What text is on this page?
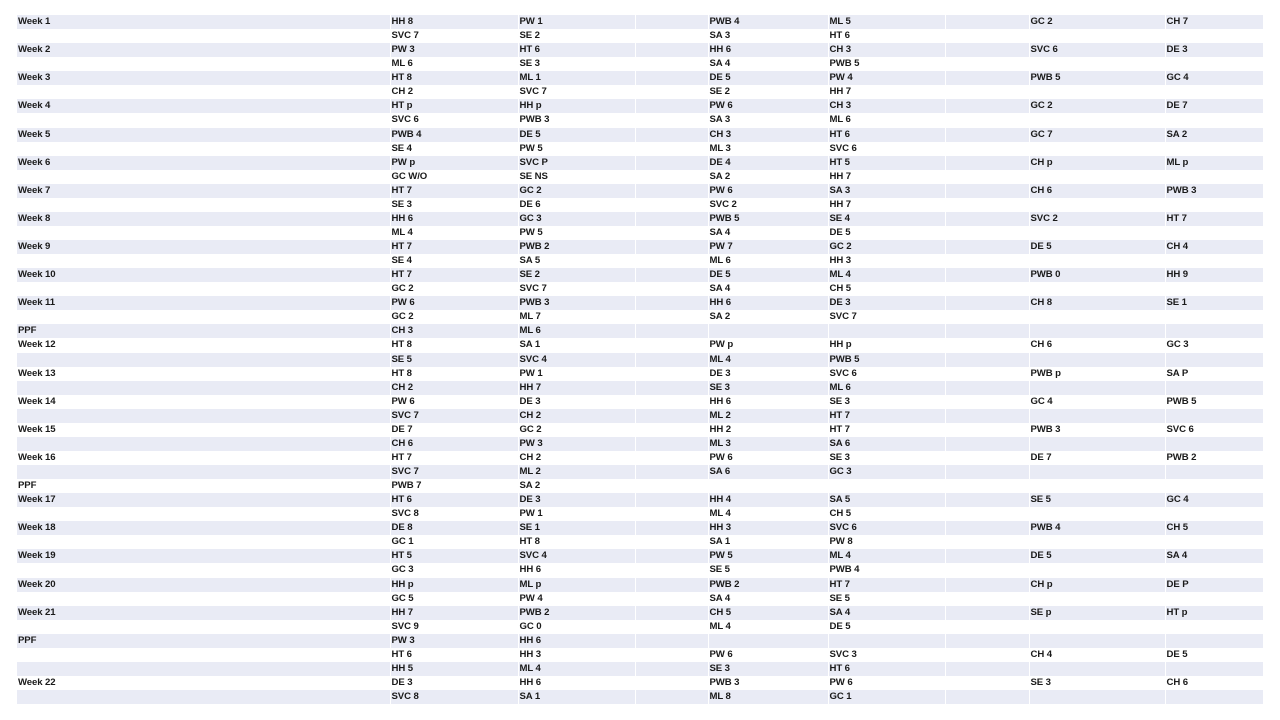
Week 1	HH 8	PW 1		PWB 4	ML 5		GC 2	CH 7
	SVC 7	SE 2		SA 3	HT 6			
Week 2	PW 3	HT 6		HH 6	CH 3		SVC 6	DE 3
	ML 6	SE 3		SA 4	PWB 5			
Week 3	HT 8	ML 1		DE 5	PW 4		PWB 5	GC 4
	CH 2	SVC 7		SE 2	HH 7			
Week 4	HT p	HH p		PW 6	CH 3		GC 2	DE 7
	SVC 6	PWB 3		SA 3	ML 6			
Week 5	PWB 4	DE 5		CH 3	HT 6		GC 7	SA 2
	SE 4	PW 5		ML 3	SVC 6			
Week 6	PW p	SVC P		DE 4	HT 5		CH p	ML p
	GC W/O	SE NS		SA 2	HH 7			
Week 7	HT 7	GC 2		PW 6	SA 3		CH 6	PWB 3
	SE 3	DE 6		SVC 2	HH 7			
Week 8	HH 6	GC 3		PWB 5	SE 4		SVC 2	HT 7
	ML 4	PW 5		SA 4	DE 5			
Week 9	HT 7	PWB 2		PW 7	GC 2		DE 5	CH 4
	SE 4	SA 5		ML 6	HH 3			
Week 10	HT 7	SE 2		DE 5	ML 4		PWB 0	HH 9
	GC 2	SVC 7		SA 4	CH 5			
Week 11	PW 6	PWB 3		HH 6	DE 3		CH 8	SE 1
	GC 2	ML 7		SA 2	SVC 7			
PPF	CH 3	ML 6						
Week 12	HT 8	SA 1		PW p	HH p		CH 6	GC 3
	SE 5	SVC 4		ML 4	PWB 5			
Week 13	HT 8	PW 1		DE 3	SVC 6		PWB p	SA P
	CH 2	HH 7		SE 3	ML 6			
Week 14	PW 6	DE 3		HH 6	SE 3		GC 4	PWB 5
	SVC 7	CH 2		ML 2	HT 7			
Week 15	DE 7	GC 2		HH 2	HT 7		PWB 3	SVC 6
	CH 6	PW 3		ML 3	SA 6			
Week 16	HT 7	CH 2		PW 6	SE 3		DE 7	PWB 2
	SVC 7	ML 2		SA 6	GC 3			
PPF	PWB 7	SA 2						
Week 17	HT 6	DE 3		HH 4	SA 5		SE 5	GC 4
	SVC 8	PW 1		ML 4	CH 5			
Week 18	DE 8	SE 1		HH 3	SVC 6		PWB 4	CH 5
	GC 1	HT 8		SA 1	PW 8			
Week 19	HT 5	SVC 4		PW 5	ML 4		DE 5	SA 4
	GC 3	HH 6		SE 5	PWB 4			
Week 20	HH p	ML p		PWB 2	HT 7		CH p	DE P
	GC 5	PW 4		SA 4	SE 5			
Week 21	HH 7	PWB 2		CH 5	SA 4		SE p	HT p
	SVC 9	GC 0		ML 4	DE 5			
PPF	PW 3	HH 6						
	HT 6	HH 3		PW 6	SVC 3		CH 4	DE 5
	HH 5	ML 4		SE 3	HT 6			
Week 22	DE 3	HH 6		PWB 3	PW 6		SE 3	CH 6
	SVC 8	SA 1		ML 8	GC 1			
